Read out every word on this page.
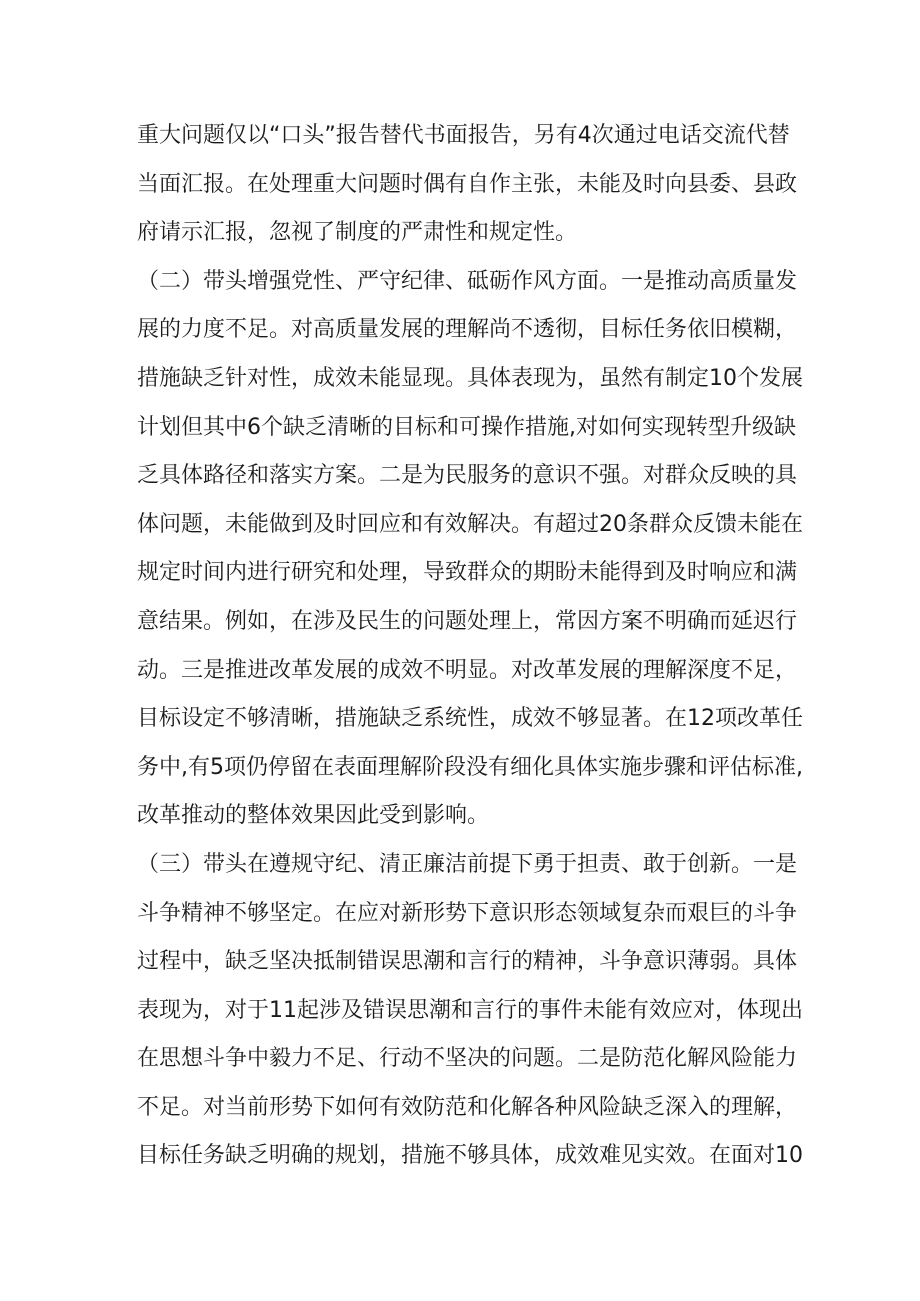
重大问题仅以“口头”报告替代书面报告，另有4次通过电话交流代替
当面汇报。在处理重大问题时偶有自作主张，未能及时向县委、县政
府请示汇报，忽视了制度的严肃性和规定性。
（二）带头增强党性、严守纪律、砥砺作风方面。一是推动高质量发
展的力度不足。对高质量发展的理解尚不透彻，目标任务依旧模糊，
措施缺乏针对性，成效未能显现。具体表现为，虽然有制定10个发展
计划但其中6个缺乏清晰的目标和可操作措施,对如何实现转型升级缺
乏具体路径和落实方案。二是为民服务的意识不强。对群众反映的具
体问题，未能做到及时回应和有效解决。有超过20条群众反馈未能在
规定时间内进行研究和处理，导致群众的期盼未能得到及时响应和满
意结果。例如，在涉及民生的问题处理上，常因方案不明确而延迟行
动。三是推进改革发展的成效不明显。对改革发展的理解深度不足，
目标设定不够清晰，措施缺乏系统性，成效不够显著。在12项改革任
务中,有5项仍停留在表面理解阶段没有细化具体实施步骤和评估标准,
改革推动的整体效果因此受到影响。
（三）带头在遵规守纪、清正廉洁前提下勇于担责、敢于创新。一是
斗争精神不够坚定。在应对新形势下意识形态领域复杂而艰巨的斗争
过程中，缺乏坚决抵制错误思潮和言行的精神，斗争意识薄弱。具体
表现为，对于11起涉及错误思潮和言行的事件未能有效应对，体现出
在思想斗争中毅力不足、行动不坚决的问题。二是防范化解风险能力
不足。对当前形势下如何有效防范和化解各种风险缺乏深入的理解，
目标任务缺乏明确的规划，措施不够具体，成效难见实效。在面对10
